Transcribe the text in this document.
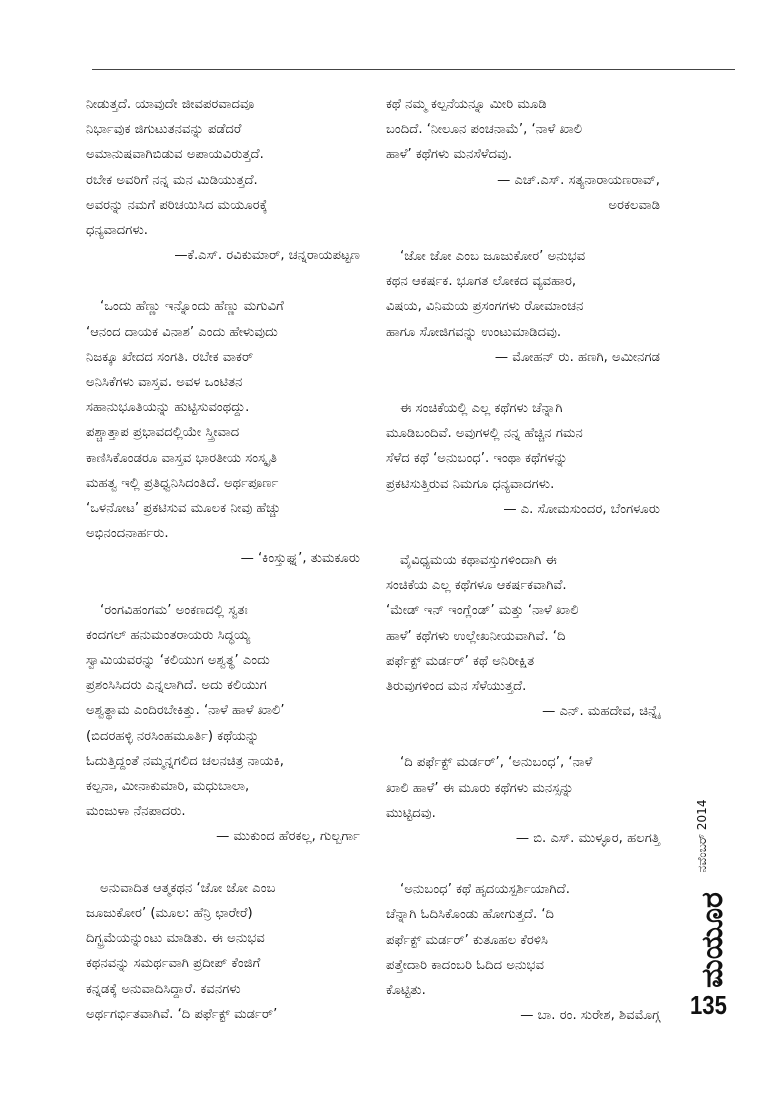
ನೀಡುತ್ತದೆ. ಯಾವುದೇ ಜೀವಪರವಾದವೂ
ನಿರ್ಭಾವುಕ ಜಿಗುಟುತನವನ್ನು ಪಡೆದರೆ
ಅಮಾನುಷವಾಗಿಬಿಡುವ ಅಪಾಯವಿರುತ್ತದೆ.
ರಬೇಕ ಅವರಿಗೆ ನನ್ನ ಮನ ಮಿಡಿಯುತ್ತದೆ.
ಅವರನ್ನು ನಮಗೆ ಪರಿಚಯಿಸಿದ ಮಯೂರಕ್ಕೆ
ಧನ್ಯವಾದಗಳು.
—ಕೆ.ಎಸ್. ರವಿಕುಮಾರ್, ಚನ್ನರಾಯಪಟ್ಟಣ
‘ಒಂದು ಹೆಣ್ಣು ಇನ್ನೊಂದು ಹೆಣ್ಣು ಮಗುವಿಗೆ
‘ಆನಂದ ದಾಯಕ ವಿನಾಶ’ ಎಂದು ಹೇಳುವುದು
ನಿಜಕ್ಕೂ ಖೇದದ ಸಂಗತಿ. ರಬೇಕ ವಾಕರ್
ಅನಿಸಿಕೆಗಳು ವಾಸ್ತವ. ಅವಳ ಒಂಟಿತನ
ಸಹಾನುಭೂತಿಯನ್ನು ಹುಟ್ಟಿಸುವಂಥದ್ದು.
ಪಶ್ಚಾತ್ತಾಪ ಪ್ರಭಾವದಲ್ಲಿಯೇ ಸ್ತ್ರೀವಾದ
ಕಾಣಿಸಿಕೊಂಡರೂ ವಾಸ್ತವ ಭಾರತೀಯ ಸಂಸ್ಕೃತಿ
ಮಹತ್ವ ಇಲ್ಲಿ ಪ್ರತಿಧ್ವನಿಸಿದಂತಿದೆ. ಅರ್ಥಪೂರ್ಣ
‘ಒಳನೋಟ’ ಪ್ರಕಟಿಸುವ ಮೂಲಕ ನೀವು ಹೆಚ್ಚು
ಅಭಿನಂದನಾರ್ಹರು.
— ‘ಕಿಂಸ್ತುಘ್ನ’, ತುಮಕೂರು
‘ರಂಗವಿಹಂಗಮ’ ಅಂಕಣದಲ್ಲಿ ಸ್ವತಃ
ಕಂದಗಲ್ ಹನುಮಂತರಾಯರು ಸಿದ್ಧಯ್ಯ
ಸ್ವಾಮಿಯವರನ್ನು ‘ಕಲಿಯುಗ ಅಶ್ವತ್ಥ’ ಎಂದು
ಪ್ರಶಂಸಿಸಿದರು ಎನ್ನಲಾಗಿದೆ. ಅದು ಕಲಿಯುಗ
ಅಶ್ವತ್ಥಾಮ ಎಂದಿರಬೇಕಿತ್ತು. ‘ನಾಳೆ ಹಾಳೆ ಖಾಲಿ’
(ಬಿದರಹಳ್ಳಿ ನರಸಿಂಹಮೂರ್ತಿ) ಕಥೆಯನ್ನು
ಓದುತ್ತಿದ್ದಂತೆ ನಮ್ಮನ್ನಗಲಿದ ಚಲನಚಿತ್ರ ನಾಯಕಿ,
ಕಲ್ಪನಾ, ಮೀನಾಕುಮಾರಿ, ಮಧುಬಾಲಾ,
ಮಂಜುಳಾ ನೆನಪಾದರು.
— ಮುಕುಂದ ಹೆರಕಲ್ಲ, ಗುಲ್ಬರ್ಗಾ
ಅನುವಾದಿತ ಆತ್ಮಕಥನ ‘ಜೋ ಜೋ ಎಂಬ
ಜೂಜುಕೋರ’ (ಮೂಲ: ಹೆನ್ರಿ ಛಾರೇರೆ)
ದಿಗ್ಭ್ರಮೆಯನ್ನುಂಟು ಮಾಡಿತು. ಈ ಅನುಭವ
ಕಥನವನ್ನು ಸಮರ್ಥವಾಗಿ ಪ್ರದೀಪ್ ಕೆಂಜಿಗೆ
ಕನ್ನಡಕ್ಕೆ ಅನುವಾದಿಸಿದ್ದಾರೆ. ಕವನಗಳು
ಅರ್ಥಗರ್ಭಿತವಾಗಿವೆ. ‘ದಿ ಪರ್ಫೆಕ್ಟ್ ಮರ್ಡರ್’
ಕಥೆ ನಮ್ಮ ಕಲ್ಪನೆಯನ್ನೂ ಮೀರಿ ಮೂಡಿ
ಬಂದಿದೆ. ‘ನೀಲೂನ ಪಂಚನಾಮೆ’, ‘ನಾಳೆ ಖಾಲಿ
ಹಾಳೆ’ ಕಥೆಗಳು ಮನಸೆಳೆದವು.
— ಎಚ್.ಎಸ್. ಸತ್ಯನಾರಾಯಣರಾವ್,
ಅರಕಲವಾಡಿ
‘ಜೋ ಜೋ ಎಂಬ ಜೂಜುಕೋರ’ ಅನುಭವ
ಕಥನ ಆಕರ್ಷಕ. ಭೂಗತ ಲೋಕದ ವ್ಯವಹಾರ,
ವಿಷಯ, ವಿನಿಮಯ ಪ್ರಸಂಗಗಳು ರೋಮಾಂಚನ
ಹಾಗೂ ಸೋಜಿಗವನ್ನು ಉಂಟುಮಾಡಿದವು.
— ಮೋಹನ್ ರು. ಹಣಗಿ, ಅಮೀನಗಡ
ಈ ಸಂಚಿಕೆಯಲ್ಲಿ ಎಲ್ಲ ಕಥೆಗಳು ಚೆನ್ನಾಗಿ
ಮೂಡಿಬಂದಿವೆ. ಅವುಗಳಲ್ಲಿ ನನ್ನ ಹೆಚ್ಚಿನ ಗಮನ
ಸೆಳೆದ ಕಥೆ ‘ಅನುಬಂಧ’. ಇಂಥಾ ಕಥೆಗಳನ್ನು
ಪ್ರಕಟಿಸುತ್ತಿರುವ ನಿಮಗೂ ಧನ್ಯವಾದಗಳು.
— ಎ. ಸೋಮಸುಂದರ, ಬೆಂಗಳೂರು
ವೈವಿಧ್ಯಮಯ ಕಥಾವಸ್ತುಗಳಿಂದಾಗಿ ಈ
ಸಂಚಿಕೆಯ ಎಲ್ಲ ಕಥೆಗಳೂ ಆಕರ್ಷಕವಾಗಿವೆ.
‘ಮೇಡ್ ಇನ್ ಇಂಗ್ಲೆಂಡ್’ ಮತ್ತು ‘ನಾಳೆ ಖಾಲಿ
ಹಾಳೆ’ ಕಥೆಗಳು ಉಲ್ಲೇಖನೀಯವಾಗಿವೆ. ‘ದಿ
ಪರ್ಫೆಕ್ಟ್ ಮರ್ಡರ್’ ಕಥೆ ಅನಿರೀಕ್ಷಿತ
ತಿರುವುಗಳಿಂದ ಮನ ಸೆಳೆಯುತ್ತದೆ.
— ಎನ್. ಮಹದೇವ, ಚಿನ್ನೈ
‘ದಿ ಪರ್ಫೆಕ್ಟ್ ಮರ್ಡರ್’, ‘ಅನುಬಂಧ’, ‘ನಾಳೆ
ಖಾಲಿ ಹಾಳೆ’ ಈ ಮೂರು ಕಥೆಗಳು ಮನಸ್ಸನ್ನು
ಮುಟ್ಟಿದವು.
— ಬಿ. ಎಸ್. ಮುಳ್ಳೂರ, ಹಲಗತ್ತಿ
‘ಅನುಬಂಧ’ ಕಥೆ ಹೃದಯಸ್ಪರ್ಶಿಯಾಗಿದೆ.
ಚೆನ್ನಾಗಿ ಓದಿಸಿಕೊಂಡು ಹೋಗುತ್ತದೆ. ‘ದಿ
ಪರ್ಫೆಕ್ಟ್ ಮರ್ಡರ್’ ಕುತೂಹಲ ಕೆರಳಿಸಿ
ಪತ್ತೇದಾರಿ ಕಾದಂಬರಿ ಓದಿದ ಅನುಭವ
ಕೊಟ್ಟಿತು.
— ಬಾ. ರಂ. ಸುರೇಶ, ಶಿವಮೊಗ್ಗ
ನವೆಂಬರ್ 2014
ಮಯೂರ
135
